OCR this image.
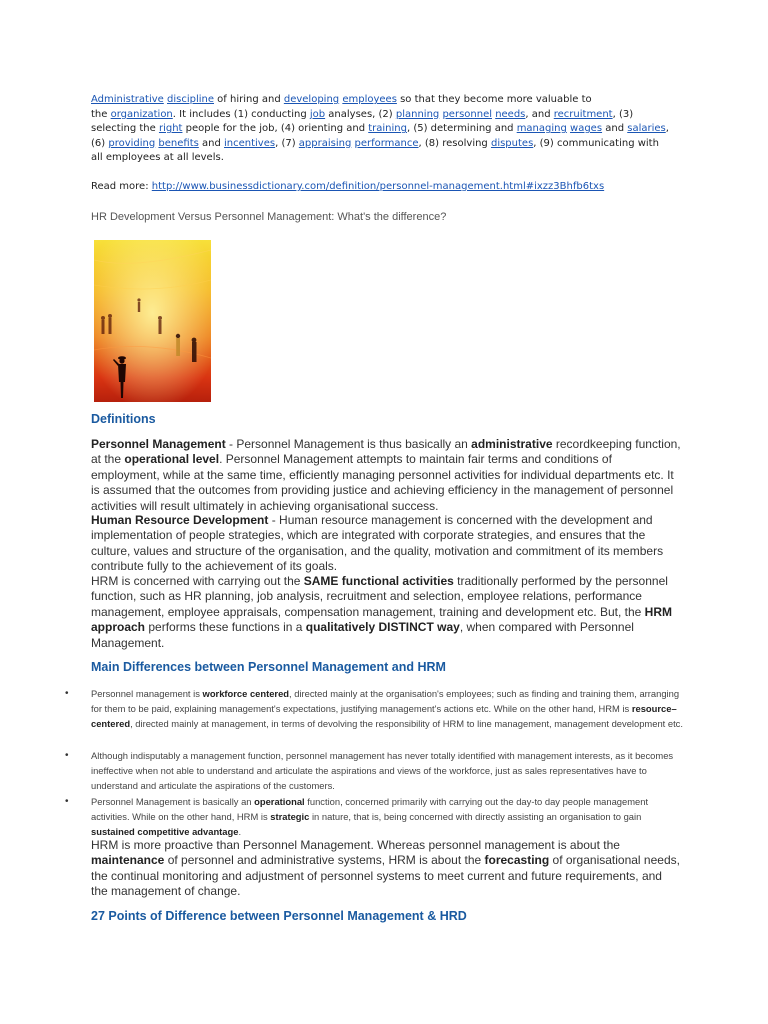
Administrative discipline of hiring and developing employees so that they become more valuable to
the organization. It includes (1) conducting job analyses, (2) planning personnel needs, and recruitment, (3)
selecting the right people for the job, (4) orienting and training, (5) determining and managing wages and salaries,
(6) providing benefits and incentives, (7) appraising performance, (8) resolving disputes, (9) communicating with
all employees at all levels.

Read more: http://www.businessdictionary.com/definition/personnel-management.html#ixzz3Bhfb6txs

HR Development Versus Personnel Management: What's the difference?

Definitions

Personnel Management - Personnel Management is thus basically an administrative recordkeeping function, at the operational level. Personnel Management attempts to maintain fair terms and conditions of employment, while at the same time, efficiently managing personnel activities for individual departments etc. It is assumed that the outcomes from providing justice and achieving efficiency in the management of personnel activities will result ultimately in achieving organisational success.

Human Resource Development - Human resource management is concerned with the development and implementation of people strategies, which are integrated with corporate strategies, and ensures that the culture, values and structure of the organisation, and the quality, motivation and commitment of its members contribute fully to the achievement of its goals.

HRM is concerned with carrying out the SAME functional activities traditionally performed by the personnel function, such as HR planning, job analysis, recruitment and selection, employee relations, performance management, employee appraisals, compensation management, training and development etc. But, the HRM approach performs these functions in a qualitatively DISTINCT way, when compared with Personnel Management.

Main Differences between Personnel Management and HRM
•	Personnel management is workforce centered, directed mainly at the organisation's employees; such as finding and training them, arranging for them to be paid, explaining management's expectations, justifying management's actions etc. While on the other hand, HRM is resource–centered, directed mainly at management, in terms of devolving the responsibility of HRM to line management, management development etc.
•	Although indisputably a management function, personnel management has never totally identified with management interests, as it becomes ineffective when not able to understand and articulate the aspirations and views of the workforce, just as sales representatives have to understand and articulate the aspirations of the customers.
•	Personnel Management is basically an operational function, concerned primarily with carrying out the day-to day people management activities. While on the other hand, HRM is strategic in nature, that is, being concerned with directly assisting an organisation to gain sustained competitive advantage.

HRM is more proactive than Personnel Management. Whereas personnel management is about the maintenance of personnel and administrative systems, HRM is about the forecasting of organisational needs, the continual monitoring and adjustment of personnel systems to meet current and future requirements, and the management of change.

27 Points of Difference between Personnel Management & HRD
